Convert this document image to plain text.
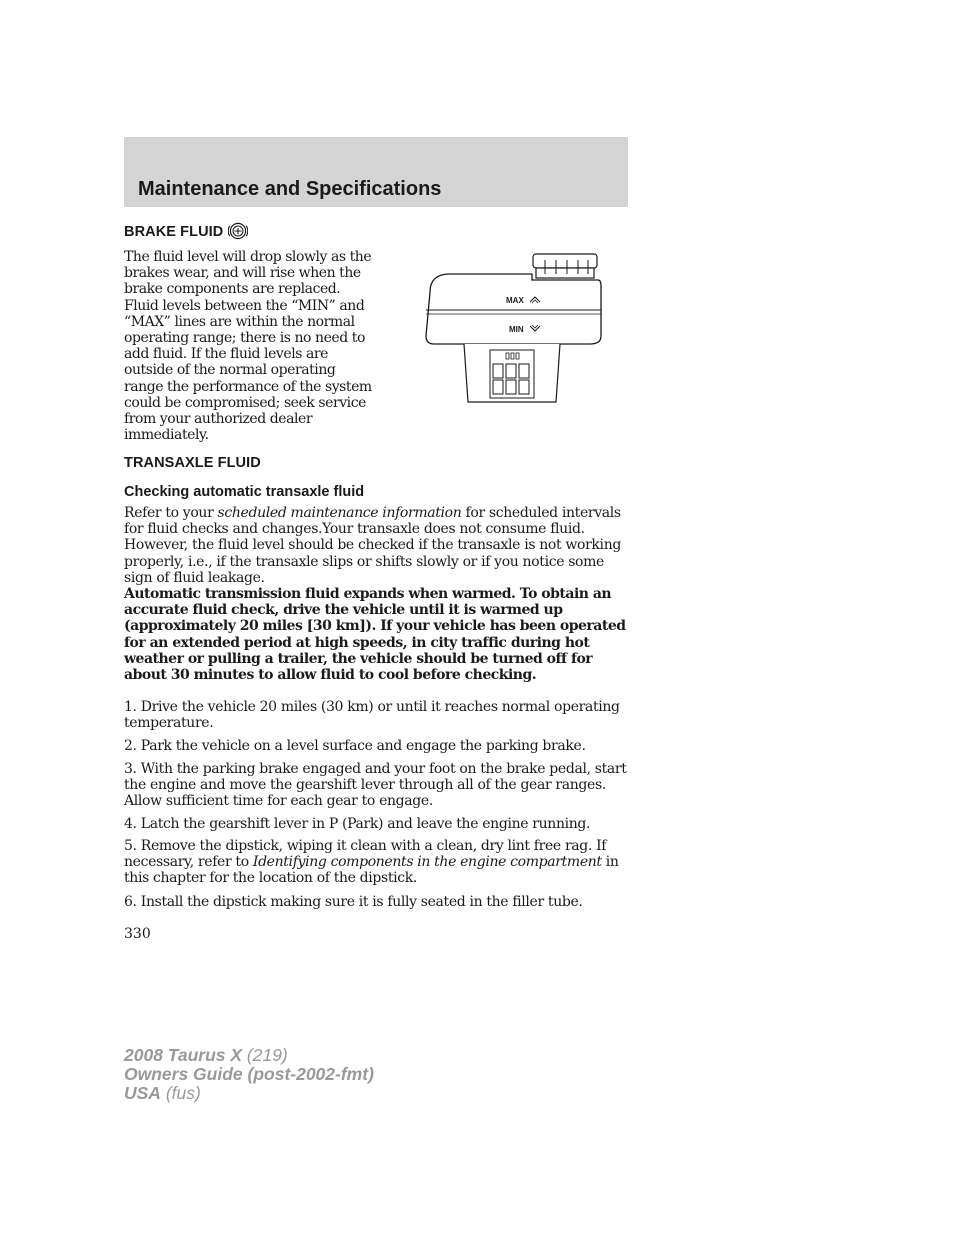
Maintenance and Specifications
BRAKE FLUID
The fluid level will drop slowly as the brakes wear, and will rise when the brake components are replaced. Fluid levels between the “MIN” and “MAX” lines are within the normal operating range; there is no need to add fluid. If the fluid levels are outside of the normal operating range the performance of the system could be compromised; seek service from your authorized dealer immediately.
MAX
MIN
TRANSAXLE FLUID
Checking automatic transaxle fluid
Refer to your scheduled maintenance information for scheduled intervals for fluid checks and changes.Your transaxle does not consume fluid. However, the fluid level should be checked if the transaxle is not working properly, i.e., if the transaxle slips or shifts slowly or if you notice some sign of fluid leakage.
Automatic transmission fluid expands when warmed. To obtain an accurate fluid check, drive the vehicle until it is warmed up (approximately 20 miles [30 km]). If your vehicle has been operated for an extended period at high speeds, in city traffic during hot weather or pulling a trailer, the vehicle should be turned off for about 30 minutes to allow fluid to cool before checking.
1. Drive the vehicle 20 miles (30 km) or until it reaches normal operating temperature.
2. Park the vehicle on a level surface and engage the parking brake.
3. With the parking brake engaged and your foot on the brake pedal, start the engine and move the gearshift lever through all of the gear ranges. Allow sufficient time for each gear to engage.
4. Latch the gearshift lever in P (Park) and leave the engine running.
5. Remove the dipstick, wiping it clean with a clean, dry lint free rag. If necessary, refer to Identifying components in the engine compartment in this chapter for the location of the dipstick.
6. Install the dipstick making sure it is fully seated in the filler tube.
330
2008 Taurus X (219)
Owners Guide (post-2002-fmt)
USA (fus)
